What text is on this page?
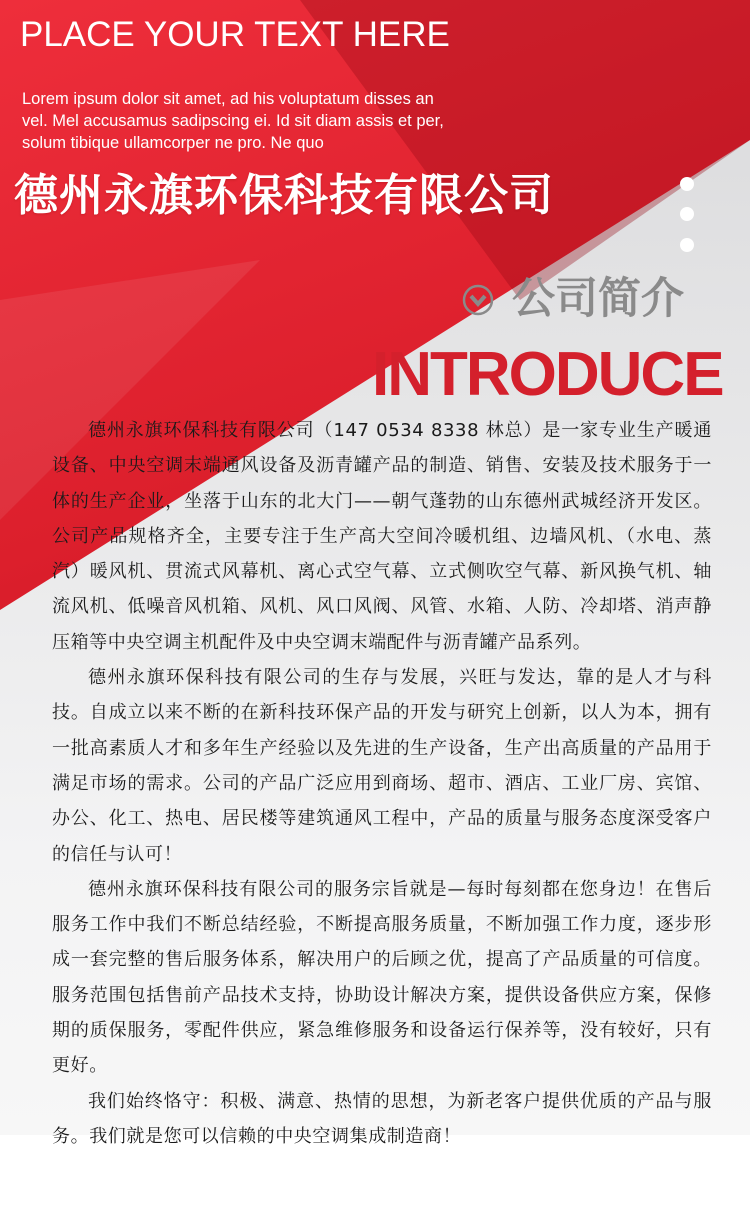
PLACE YOUR TEXT HERE
Lorem ipsum dolor sit amet, ad his voluptatum disses an vel. Mel accusamus sadipscing ei. Id sit diam assis et per, solum tibique ullamcorper ne pro. Ne quo
德州永旗环保科技有限公司
公司简介
INTRODUCE

德州永旗环保科技有限公司（147 0534 8338 林总）是一家专业生产暖通设备、中央空调末端通风设备及沥青罐产品的制造、销售、安装及技术服务于一体的生产企业，坐落于山东的北大门——朝气蓬勃的山东德州武城经济开发区。公司产品规格齐全，主要专注于生产高大空间冷暖机组、边墙风机、（水电、蒸汽）暖风机、贯流式风幕机、离心式空气幕、立式侧吹空气幕、新风换气机、轴流风机、低噪音风机箱、风机、风口风阀、风管、水箱、人防、冷却塔、消声静压箱等中央空调主机配件及中央空调末端配件与沥青罐产品系列。

德州永旗环保科技有限公司的生存与发展，兴旺与发达，靠的是人才与科技。自成立以来不断的在新科技环保产品的开发与研究上创新，以人为本，拥有一批高素质人才和多年生产经验以及先进的生产设备，生产出高质量的产品用于满足市场的需求。公司的产品广泛应用到商场、超市、酒店、工业厂房、宾馆、办公、化工、热电、居民楼等建筑通风工程中，产品的质量与服务态度深受客户的信任与认可！

德州永旗环保科技有限公司的服务宗旨就是—每时每刻都在您身边！在售后服务工作中我们不断总结经验，不断提高服务质量，不断加强工作力度，逐步形成一套完整的售后服务体系，解决用户的后顾之优，提高了产品质量的可信度。服务范围包括售前产品技术支持，协助设计解决方案，提供设备供应方案，保修期的质保服务，零配件供应，紧急维修服务和设备运行保养等，没有较好，只有更好。

我们始终恪守：积极、满意、热情的思想，为新老客户提供优质的产品与服务。我们就是您可以信赖的中央空调集成制造商！
